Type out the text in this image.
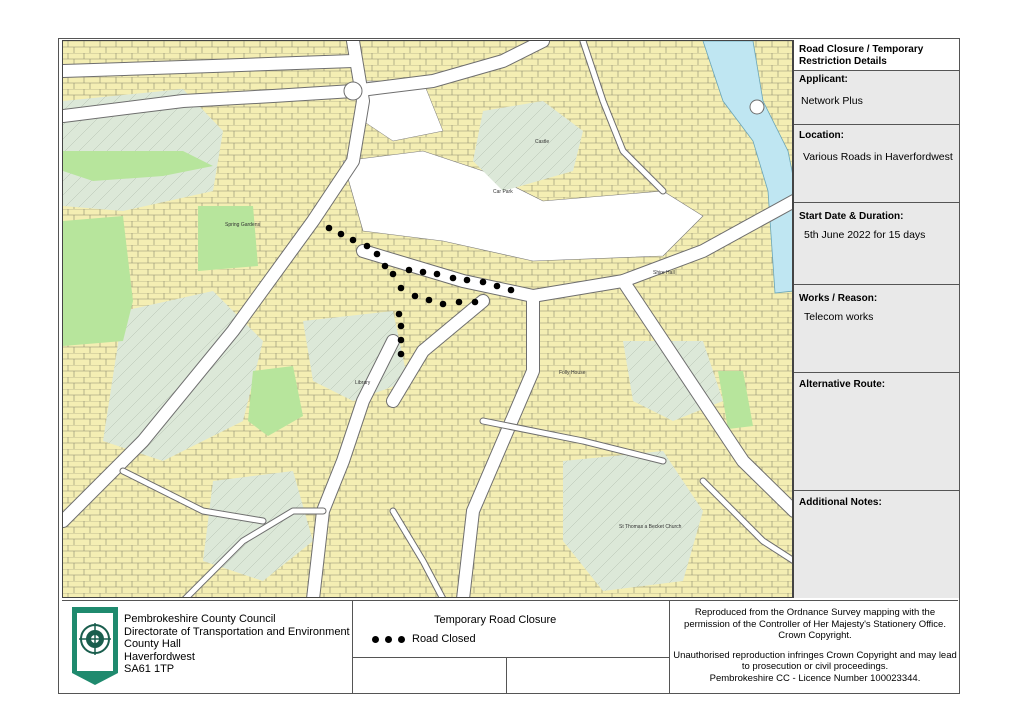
Spring Gardens
Car Park
Castle
Folly House
Library
Shire Hall
St Thomas a Becket Church
Road Closure / Temporary Restriction Details
Applicant:
Network Plus
Location:
Various Roads in Haverfordwest
Start Date & Duration:
5th June 2022 for 15 days
Works / Reason:
Telecom works
Alternative Route:
Additional Notes:
Pembrokeshire County Council
Directorate of Transportation and Environment
County Hall
Haverfordwest
SA61 1TP
Temporary Road Closure
Road Closed
Reproduced from the Ordnance Survey mapping with the permission of the Controller of Her Majesty's Stationery Office. Crown Copyright.
Unauthorised reproduction infringes Crown Copyright and may lead to prosecution or civil proceedings.
Pembrokeshire CC - Licence Number 100023344.
